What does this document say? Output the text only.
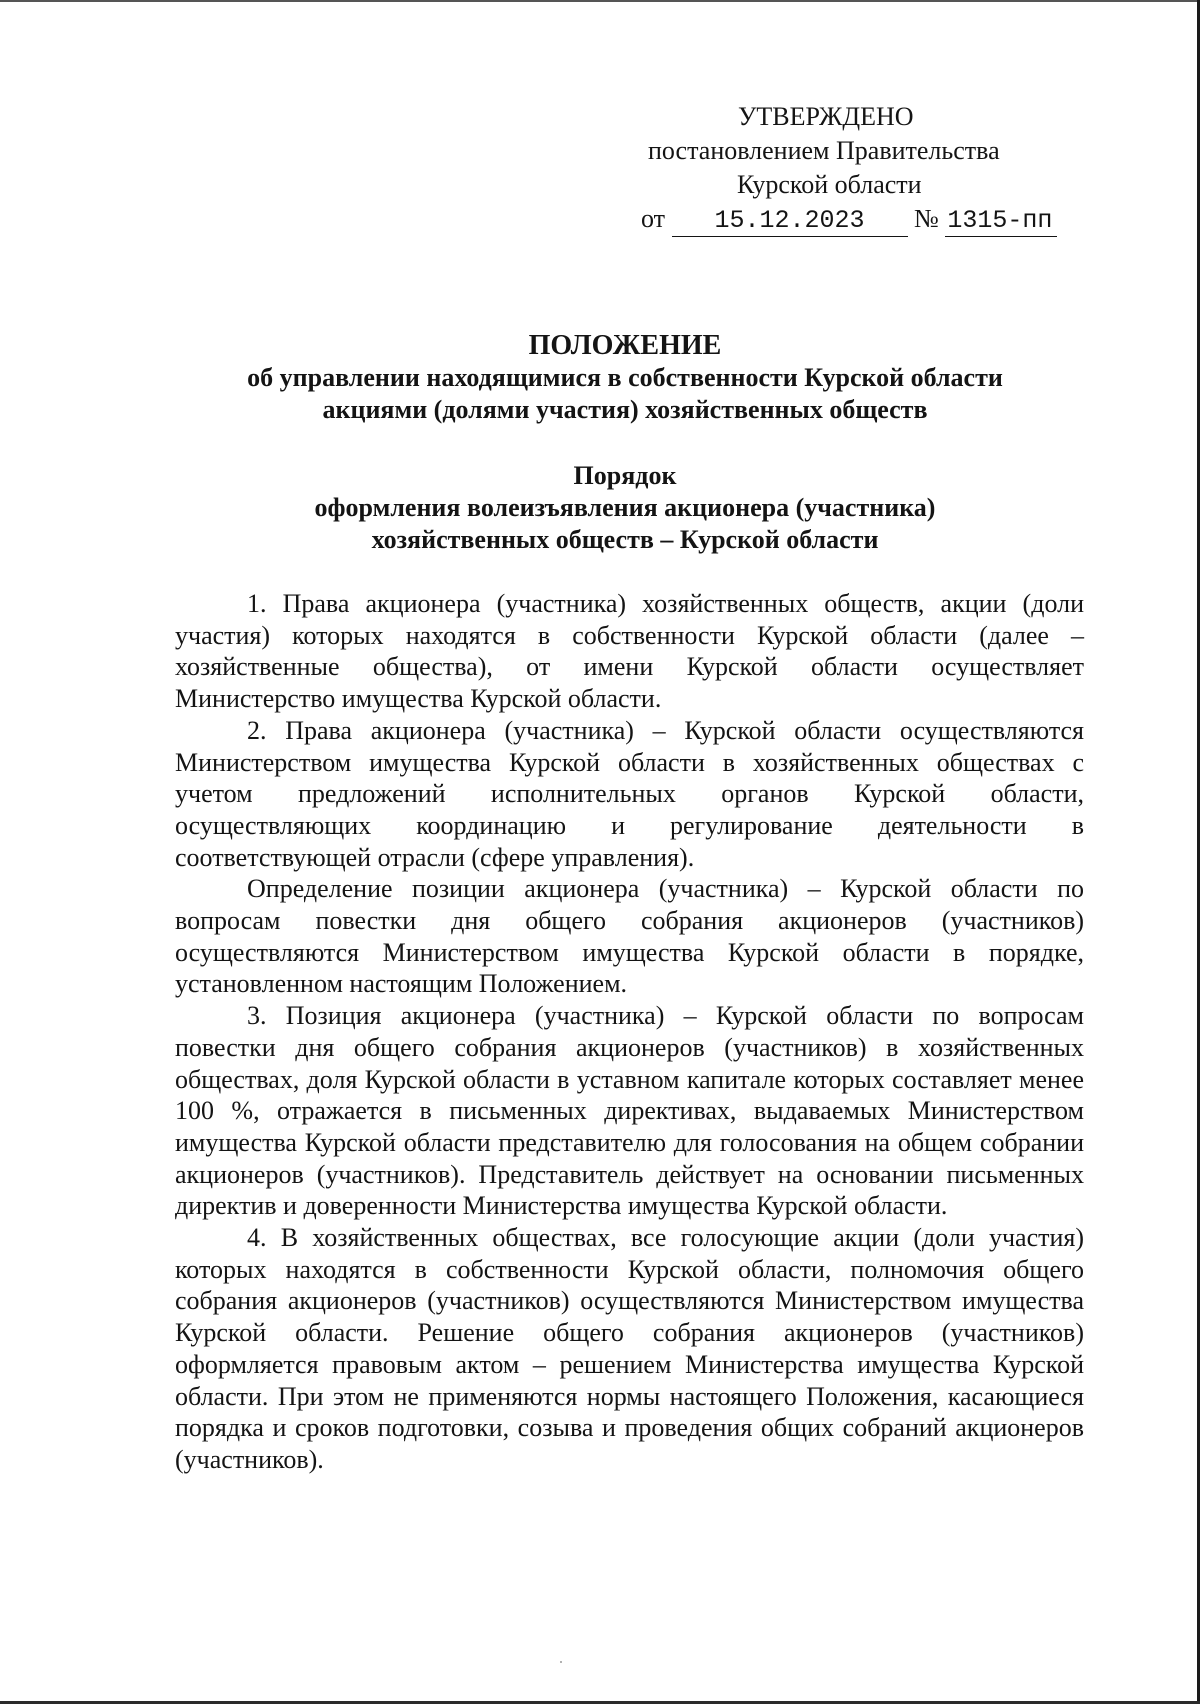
УТВЕРЖДЕНО
постановлением Правительства
Курской области
от 15.12.2023 № 1315-пп
ПОЛОЖЕНИЕ
об управлении находящимися в собственности Курской области
акциями (долями участия) хозяйственных обществ
Порядок
оформления волеизъявления акционера (участника)
хозяйственных обществ – Курской области

1. Права акционера (участника) хозяйственных обществ, акции (доли участия) которых находятся в собственности Курской области (далее – хозяйственные общества), от имени Курской области осуществляет Министерство имущества Курской области.

2. Права акционера (участника) – Курской области осуществляются Министерством имущества Курской области в хозяйственных обществах с учетом предложений исполнительных органов Курской области, осуществляющих координацию и регулирование деятельности в соответствующей отрасли (сфере управления).

Определение позиции акционера (участника) – Курской области по вопросам повестки дня общего собрания акционеров (участников) осуществляются Министерством имущества Курской области в порядке, установленном настоящим Положением.

3. Позиция акционера (участника) – Курской области по вопросам повестки дня общего собрания акционеров (участников) в хозяйственных обществах, доля Курской области в уставном капитале которых составляет менее 100 %, отражается в письменных директивах, выдаваемых Министерством имущества Курской области представителю для голосования на общем собрании акционеров (участников). Представитель действует на основании письменных директив и доверенности Министерства имущества Курской области.

4. В хозяйственных обществах, все голосующие акции (доли участия) которых находятся в собственности Курской области, полномочия общего собрания акционеров (участников) осуществляются Министерством имущества Курской области. Решение общего собрания акционеров (участников) оформляется правовым актом – решением Министерства имущества Курской области. При этом не применяются нормы настоящего Положения, касающиеся порядка и сроков подготовки, созыва и проведения общих собраний акционеров (участников).
